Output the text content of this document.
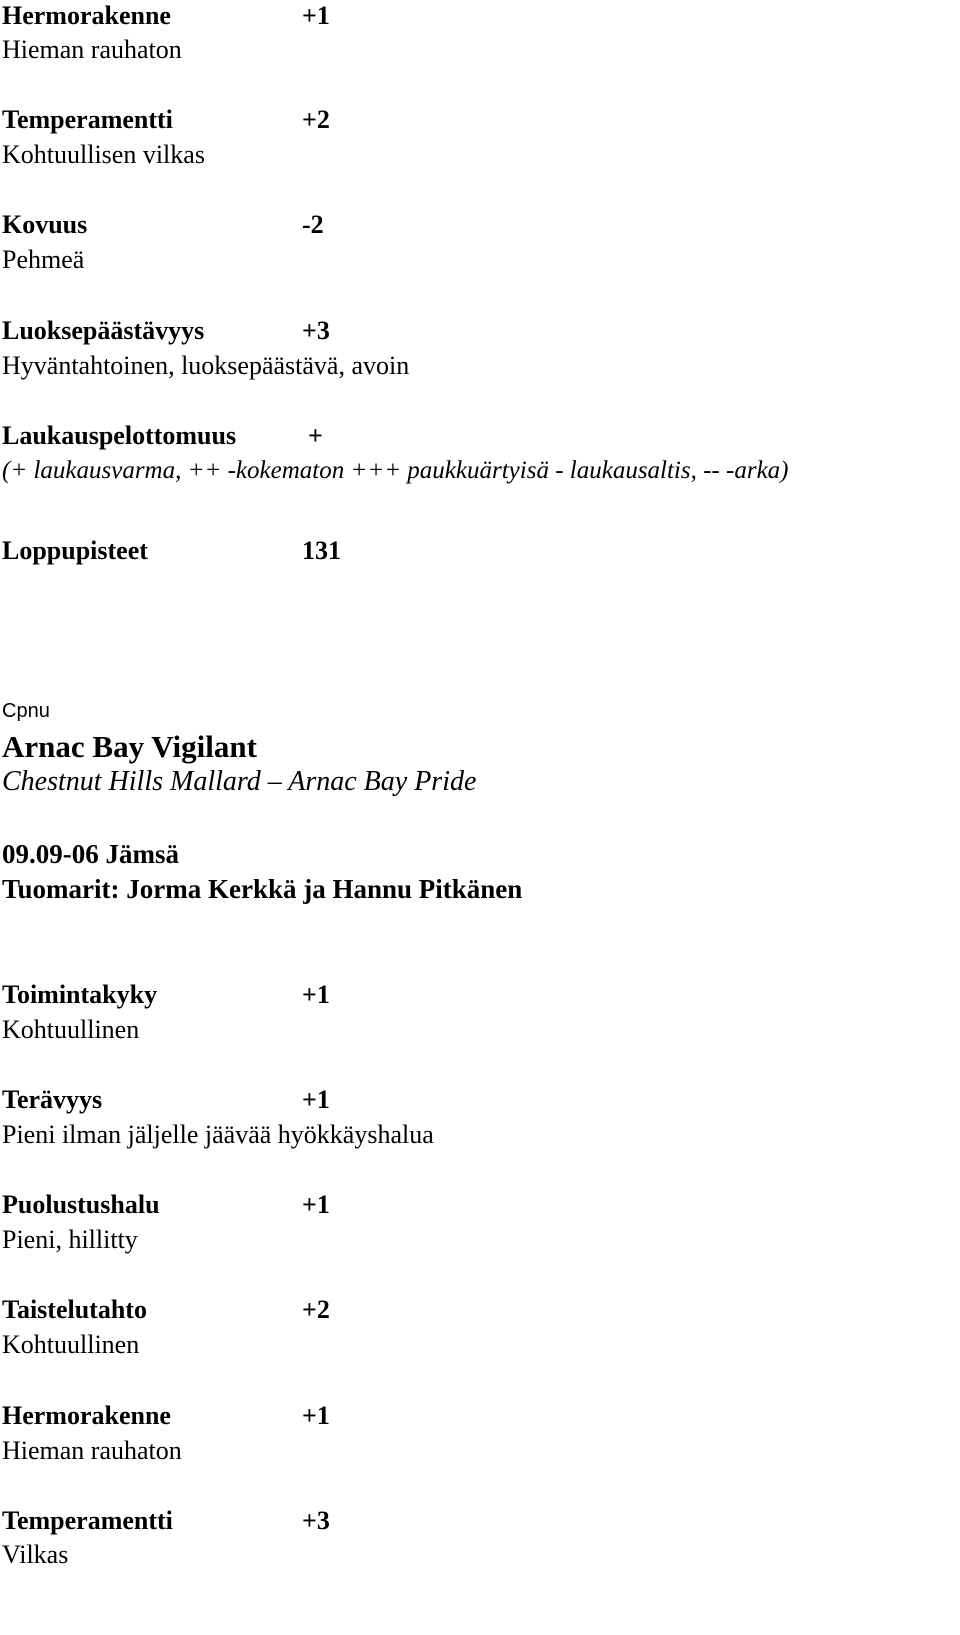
Hermorakenne	+1
Hieman rauhaton
Temperamentti	+2
Kohtuullisen vilkas
Kovuus	-2
Pehmeä
Luoksepäästävyys	+3
Hyväntahtoinen, luoksepäästävä, avoin
Laukauspelottomuus	+
(+ laukausvarma, ++ -kokematon +++ paukkuärtyisä - laukausaltis, -- -arka)
Loppupisteet	131
Cpnu
Arnac Bay Vigilant
Chestnut Hills Mallard – Arnac Bay Pride
09.09-06 Jämsä
Tuomarit: Jorma Kerkkä ja Hannu Pitkänen
Toimintakyky	+1
Kohtuullinen
Terävyys	+1
Pieni ilman jäljelle jäävää hyökkäyshalua
Puolustushalu	+1
Pieni, hillitty
Taistelutahto	+2
Kohtuullinen
Hermorakenne	+1
Hieman rauhaton
Temperamentti	+3
Vilkas
